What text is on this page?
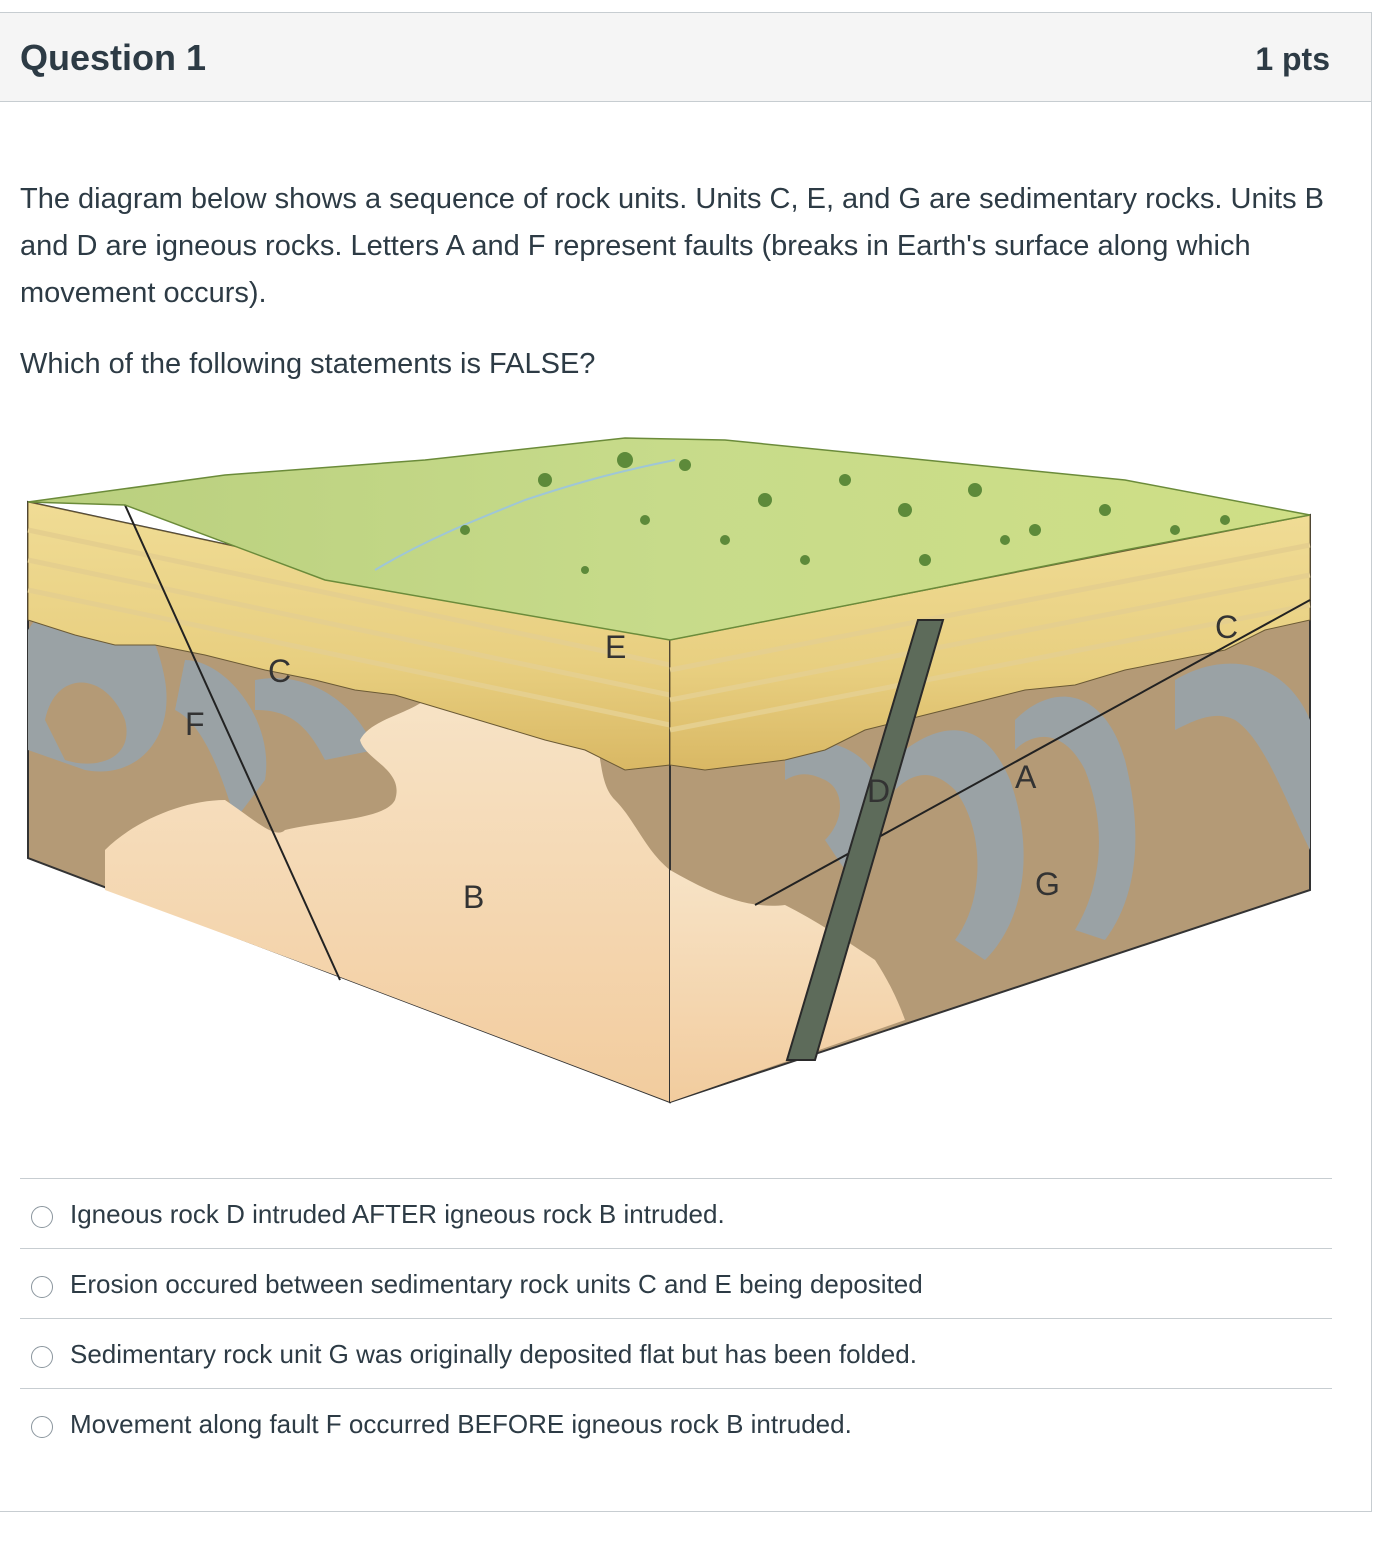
Question 1	1 pts

The diagram below shows a sequence of rock units. Units C, E, and G are sedimentary rocks. Units B and D are igneous rocks. Letters A and F represent faults (breaks in Earth's surface along which movement occurs).

Which of the following statements is FALSE?

F
C
E
B
D	A
G
C
Igneous rock D intruded AFTER igneous rock B intruded.
Erosion occured between sedimentary rock units C and E being deposited
Sedimentary rock unit G was originally deposited flat but has been folded.
Movement along fault F occurred BEFORE igneous rock B intruded.
